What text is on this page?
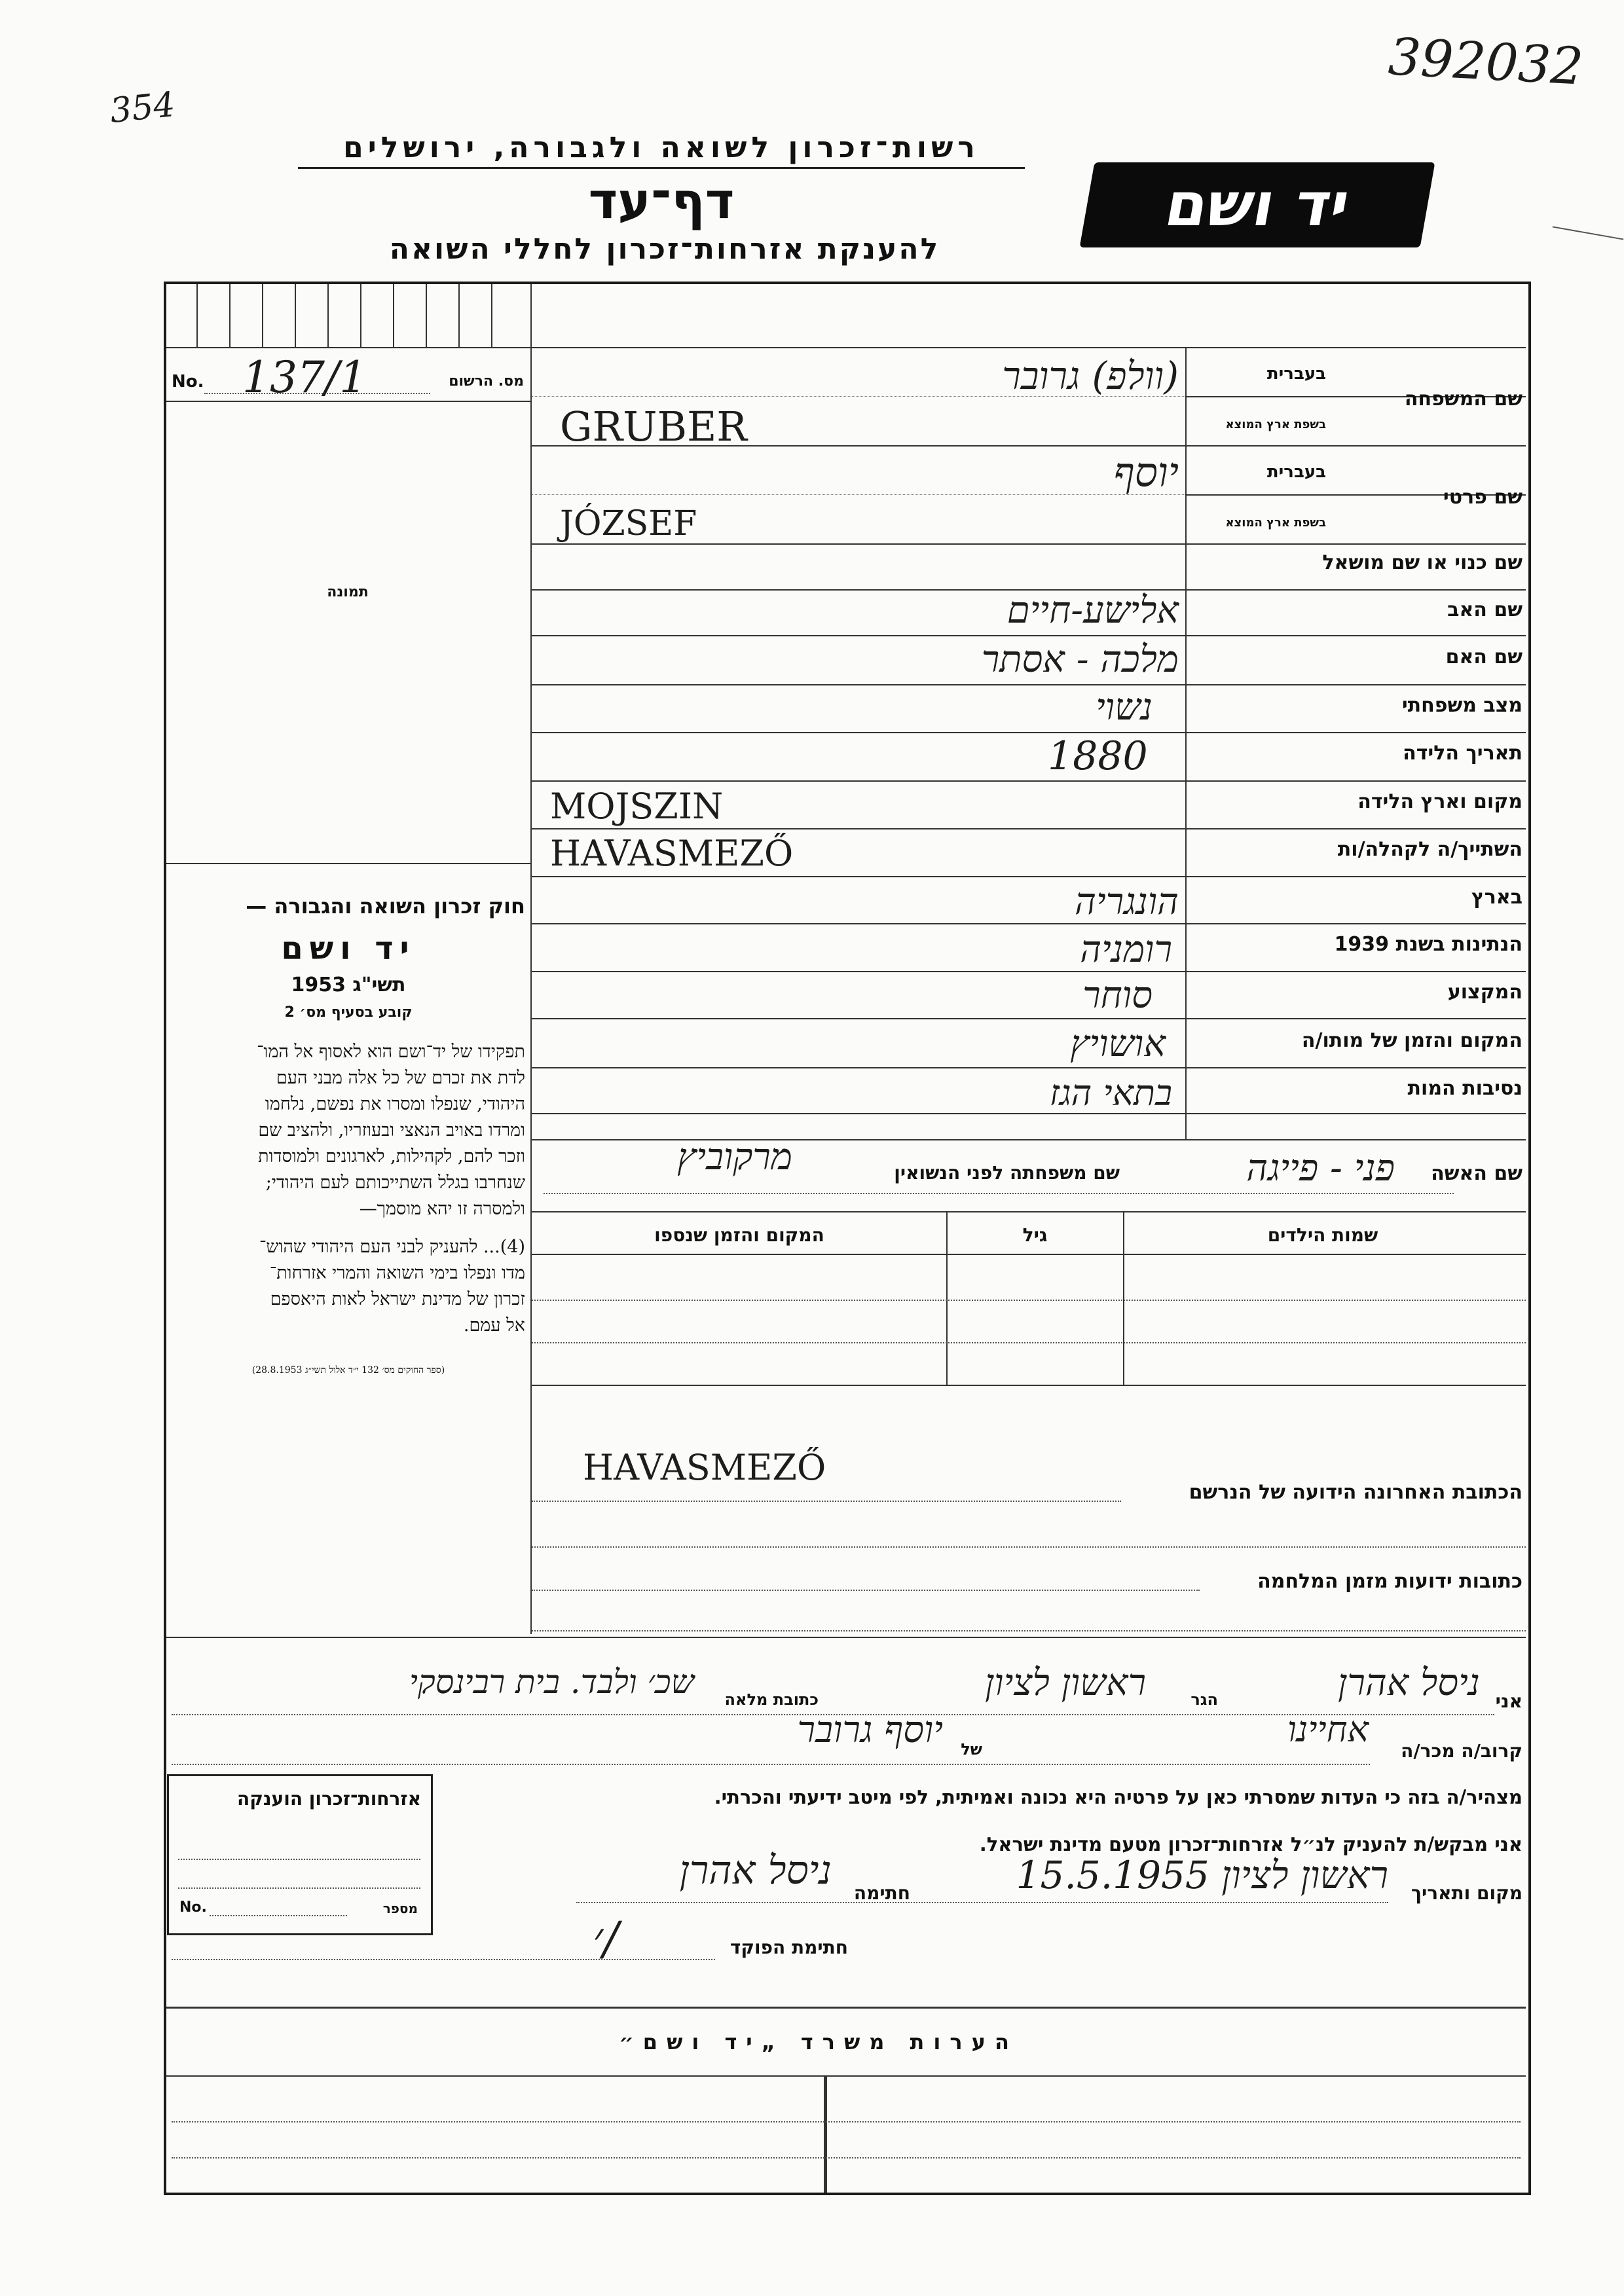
354
392032
רשות־זכרון לשואה ולגבורה, ירושלים
דף־עד
להענקת אזרחות־זכרון לחללי השואה
יד ושם
No. 137/1	מס. הרשום
תמונה
שם המשפחה
בעברית
בשפת ארץ המוצא
(וולפ) גרובר
GRUBER
שם פרטי
בעברית
בשפת ארץ המוצא
יוסף
JÓZSEF
שם כנוי או שם מושאל
שם האב
אלישע-חיים
שם האם
מלכה - אסתר
מצב משפחתי
נשוי
תאריך הלידה
1880
מקום וארץ הלידה
MOJSZIN
השתייך/ה לקהלה/ות
HAVASMEZŐ
בארץ
הונגריה
הנתינות בשנת 1939
רומניה
המקצוע
סוחר
המקום והזמן של מותו/ה
אושויץ
נסיבות המות
בתאי הגז
שם האשה
פני - פייגה
שם משפחתה לפני הנשואין
מרקוביץ
שמות הילדים
גיל
המקום והזמן שנספו
הכתובת האחרונה הידועה של הנרשם
HAVASMEZŐ
כתובות ידועות מזמן המלחמה
חוק זכרון השואה והגבורה —
יד ושם
תשי"ג 1953
קובע בסעיף מס׳ 2
תפקידו של יד־ושם הוא לאסוף אל המו־
לדת את זכרם של כל אלה מבני העם
היהודי, שנפלו ומסרו את נפשם, נלחמו
ומרדו באויב הנאצי ובעוזריו, ולהציב שם
וזכר להם, לקהילות, לארגונים ולמוסדות
שנחרבו בגלל השתייכותם לעם היהודי;
ולמסרה זו יהא מוסמך—
(4)... להעניק לבני העם היהודי שהוש־
מדו ונפלו בימי השואה והמרי אזרחות־
זכרון של מדינת ישראל לאות היאספם
אל עמם.
(ספר החוקים מס׳ 132 י״ד אלול תשי״ג 28.8.1953)
אני
ניסל אהרן
הגר
ראשון לציון
כתובת מלאה
שכ׳ ולבד. בית רבינסקי
קרוב/ה מכר/ה
אחיינו
של
יוסף גרובר
מצהיר/ה בזה כי העדות שמסרתי כאן על פרטיה היא נכונה ואמיתית, לפי מיטב ידיעתי והכרתי.
אני מבקש/ת להעניק לנ״ל אזרחות־זכרון מטעם מדינת ישראל.
מקום ותאריך
ראשון לציון 15.5.1955
חתימה
ניסל אהרן
חתימת הפוקד
׳/
אזרחות־זכרון הוענקה
No.	מספר
הערות משרד „יד ושם״
